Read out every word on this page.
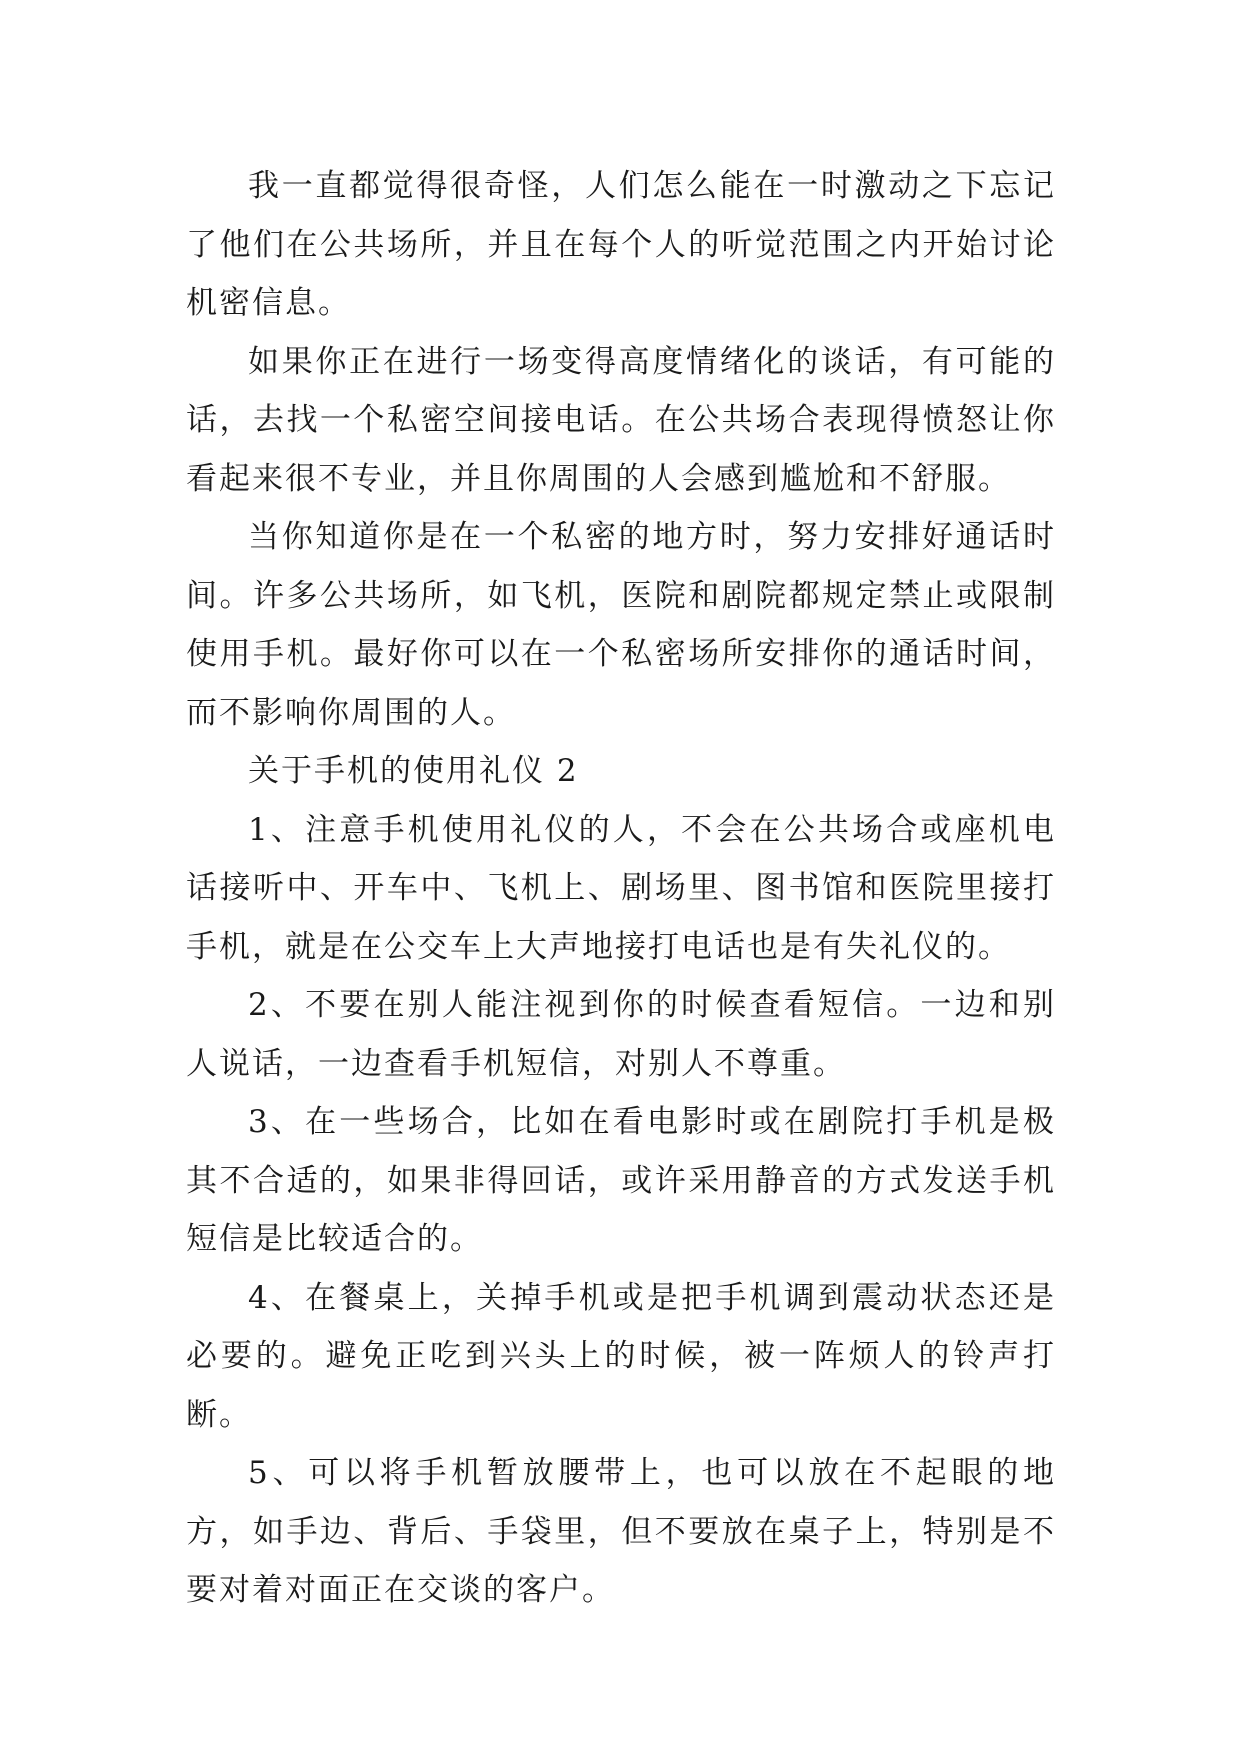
我一直都觉得很奇怪，人们怎么能在一时激动之下忘记了他们在公共场所，并且在每个人的听觉范围之内开始讨论机密信息。

如果你正在进行一场变得高度情绪化的谈话，有可能的话，去找一个私密空间接电话。在公共场合表现得愤怒让你看起来很不专业，并且你周围的人会感到尴尬和不舒服。

当你知道你是在一个私密的地方时，努力安排好通话时间。许多公共场所，如飞机，医院和剧院都规定禁止或限制使用手机。最好你可以在一个私密场所安排你的通话时间，而不影响你周围的人。

关于手机的使用礼仪 2

1、注意手机使用礼仪的人，不会在公共场合或座机电话接听中、开车中、飞机上、剧场里、图书馆和医院里接打手机，就是在公交车上大声地接打电话也是有失礼仪的。

2、不要在别人能注视到你的时候查看短信。一边和别人说话，一边查看手机短信，对别人不尊重。

3、在一些场合，比如在看电影时或在剧院打手机是极其不合适的，如果非得回话，或许采用静音的方式发送手机短信是比较适合的。

4、在餐桌上，关掉手机或是把手机调到震动状态还是必要的。避免正吃到兴头上的时候，被一阵烦人的铃声打断。

5、可以将手机暂放腰带上，也可以放在不起眼的地方，如手边、背后、手袋里，但不要放在桌子上，特别是不要对着对面正在交谈的客户。
